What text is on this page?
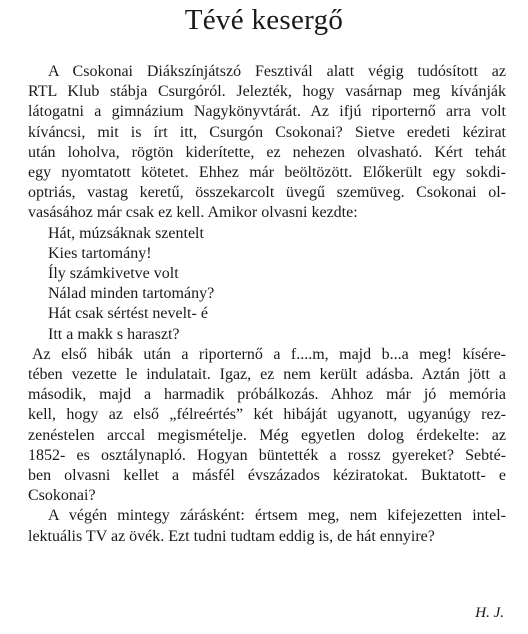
Tévé kesergő
A Csokonai Diákszínjátszó Fesztivál alatt végig tudósított az
RTL Klub stábja Csurgóról. Jelezték, hogy vasárnap meg kívánják
látogatni a gimnázium Nagykönyvtárát. Az ifjú riporternő arra volt
kíváncsi, mit is írt itt, Csurgón Csokonai? Sietve eredeti kézirat
után loholva, rögtön kiderítette, ez nehezen olvasható. Kért tehát
egy nyomtatott kötetet. Ehhez már beöltözött. Előkerült egy sokdi-
optriás, vastag keretű, összekarcolt üvegű szemüveg. Csokonai ol-
vasásához már csak ez kell. Amikor olvasni kezdte:
Hát, múzsáknak szentelt
Kies tartomány!
Íly számkivetve volt
Nálad minden tartomány?
Hát csak sértést nevelt- é
Itt a makk s haraszt?
Az első hibák után a riporternő a f....m, majd b...a meg! kísére-
tében vezette le indulatait. Igaz, ez nem került adásba. Aztán jött a
második, majd a harmadik próbálkozás. Ahhoz már jó memória
kell, hogy az első „félreértés” két hibáját ugyanott, ugyanúgy rez-
zenéstelen arccal megismételje. Még egyetlen dolog érdekelte: az
1852- es osztálynapló. Hogyan büntették a rossz gyereket? Sebté-
ben olvasni kellet a másfél évszázados kéziratokat. Buktatott- e
Csokonai?
A végén mintegy zárásként: értsem meg, nem kifejezetten intel-
lektuális TV az övék. Ezt tudni tudtam eddig is, de hát ennyire?
H. J.
